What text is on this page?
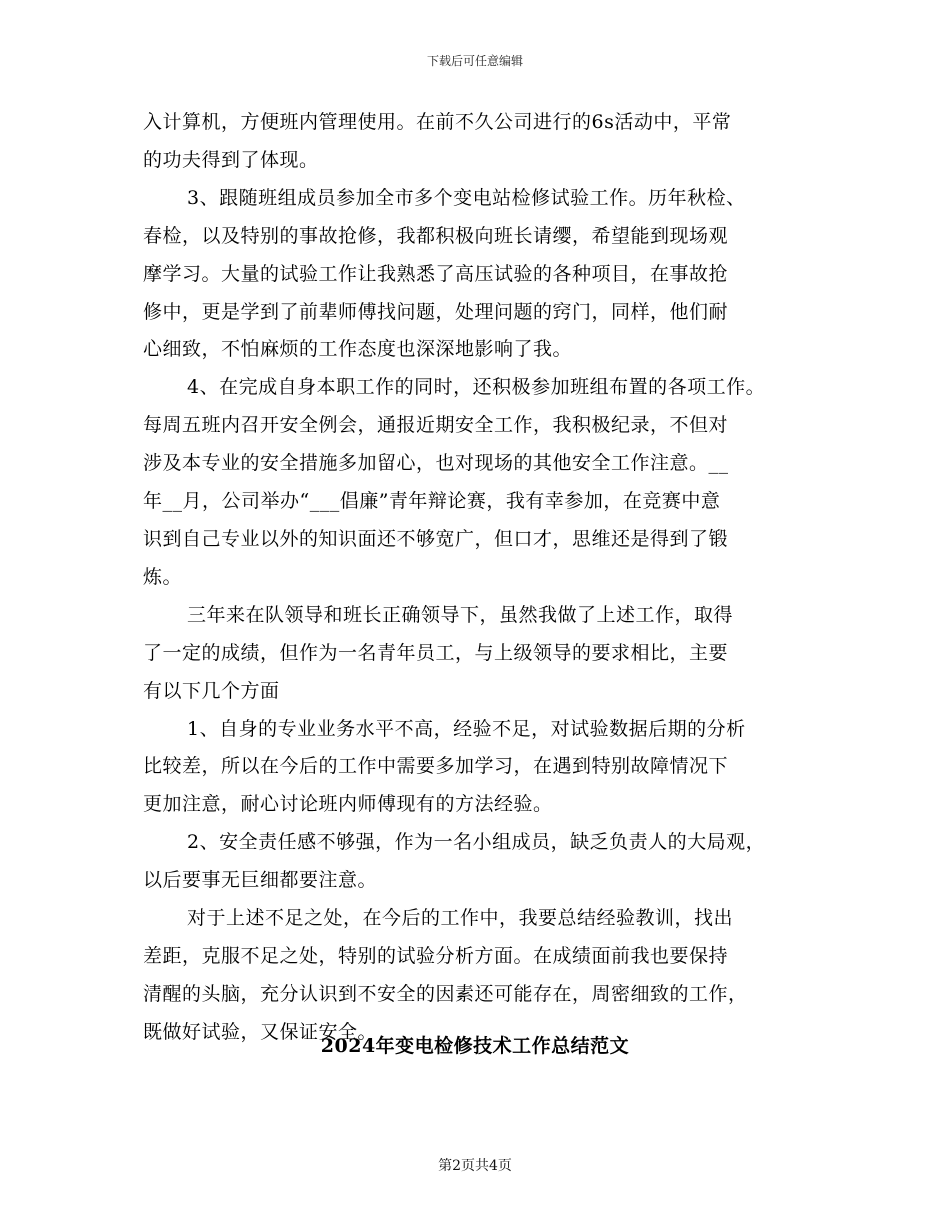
下载后可任意编辑

入计算机，方便班内管理使用。在前不久公司进行的6s活动中，平常
的功夫得到了体现。

3、跟随班组成员参加全市多个变电站检修试验工作。历年秋检、
春检，以及特别的事故抢修，我都积极向班长请缨，希望能到现场观
摩学习。大量的试验工作让我熟悉了高压试验的各种项目，在事故抢
修中，更是学到了前辈师傅找问题，处理问题的窍门，同样，他们耐
心细致，不怕麻烦的工作态度也深深地影响了我。

4、在完成自身本职工作的同时，还积极参加班组布置的各项工作。
每周五班内召开安全例会，通报近期安全工作，我积极纪录，不但对
涉及本专业的安全措施多加留心，也对现场的其他安全工作注意。__
年__月，公司举办“___倡廉”青年辩论赛，我有幸参加，在竞赛中意
识到自己专业以外的知识面还不够宽广，但口才，思维还是得到了锻
炼。

三年来在队领导和班长正确领导下，虽然我做了上述工作，取得
了一定的成绩，但作为一名青年员工，与上级领导的要求相比，主要
有以下几个方面

1、自身的专业业务水平不高，经验不足，对试验数据后期的分析
比较差，所以在今后的工作中需要多加学习，在遇到特别故障情况下
更加注意，耐心讨论班内师傅现有的方法经验。

2、安全责任感不够强，作为一名小组成员，缺乏负责人的大局观，
以后要事无巨细都要注意。

对于上述不足之处，在今后的工作中，我要总结经验教训，找出
差距，克服不足之处，特别的试验分析方面。在成绩面前我也要保持
清醒的头脑，充分认识到不安全的因素还可能存在，周密细致的工作，
既做好试验，又保证安全。

2024年变电检修技术工作总结范文
第2页共4页
